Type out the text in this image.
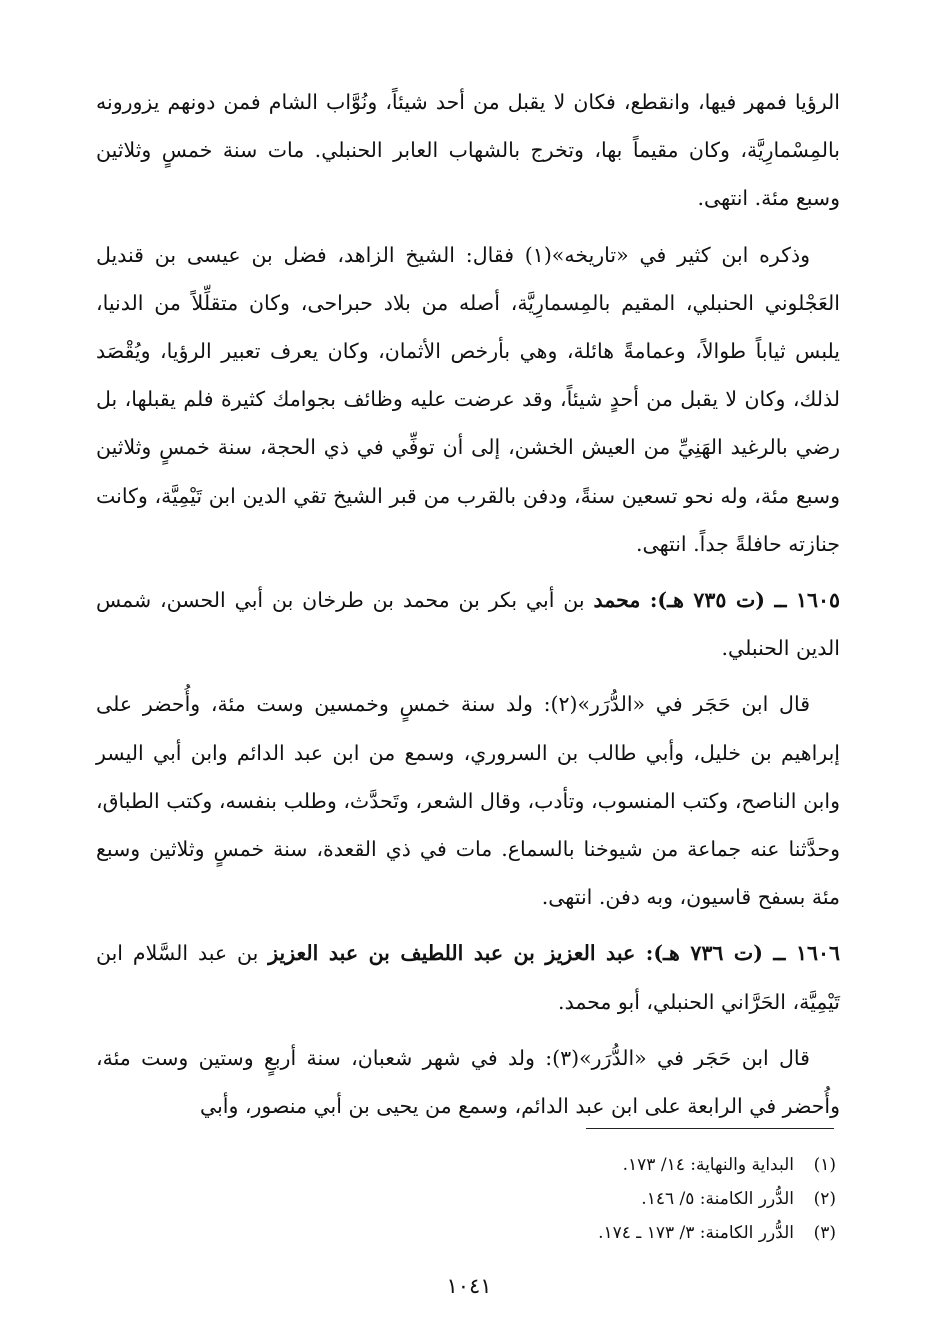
الرؤيا فمهر فيها، وانقطع، فكان لا يقبل من أحد شيئاً، ونُوَّاب الشام فمن دونهم يزورونه بالمِسْمارِيَّة، وكان مقيماً بها، وتخرج بالشهاب العابر الحنبلي. مات سنة خمسٍ وثلاثين وسبع مئة. انتهى.

وذكره ابن كثير في «تاريخه»(١) فقال: الشيخ الزاهد، فضل بن عيسى بن قنديل العَجْلوني الحنبلي، المقيم بالمِسمارِيَّة، أصله من بلاد حبراحى، وكان متقلِّلاً من الدنيا، يلبس ثياباً طوالاً، وعمامةً هائلة، وهي بأرخص الأثمان، وكان يعرف تعبير الرؤيا، ويُقْصَد لذلك، وكان لا يقبل من أحدٍ شيئاً، وقد عرضت عليه وظائف بجوامك كثيرة فلم يقبلها، بل رضي بالرغيد الهَنِيِّ من العيش الخشن، إلى أن توفِّي في ذي الحجة، سنة خمسٍ وثلاثين وسبع مئة، وله نحو تسعين سنةً، ودفن بالقرب من قبر الشيخ تقي الدين ابن تَيْمِيَّة، وكانت جنازته حافلةً جداً. انتهى.

١٦٠٥ ــ (ت ٧٣٥ هـ): محمد بن أبي بكر بن محمد بن طرخان بن أبي الحسن، شمس الدين الحنبلي.

قال ابن حَجَر في «الدُّرَر»(٢): ولد سنة خمسٍ وخمسين وست مئة، وأُحضر على إبراهيم بن خليل، وأبي طالب بن السروري، وسمع من ابن عبد الدائم وابن أبي اليسر وابن الناصح، وكتب المنسوب، وتأدب، وقال الشعر، وتَحدَّث، وطلب بنفسه، وكتب الطباق، وحدَّثنا عنه جماعة من شيوخنا بالسماع. مات في ذي القعدة، سنة خمسٍ وثلاثين وسبع مئة بسفح قاسيون، وبه دفن. انتهى.

١٦٠٦ ــ (ت ٧٣٦ هـ): عبد العزيز بن عبد اللطيف بن عبد العزيز بن عبد السَّلام ابن تَيْمِيَّة، الحَرَّاني الحنبلي، أبو محمد.

قال ابن حَجَر في «الدُّرَر»(٣): ولد في شهر شعبان، سنة أربعٍ وستين وست مئة، وأُحضر في الرابعة على ابن عبد الدائم، وسمع من يحيى بن أبي منصور، وأبي

(١)البداية والنهاية: ١٤/ ١٧٣.
(٢)الدُّرر الكامنة: ٥/ ١٤٦.
(٣)الدُّرر الكامنة: ٣/ ١٧٣ ـ ١٧٤.
١٠٤١
